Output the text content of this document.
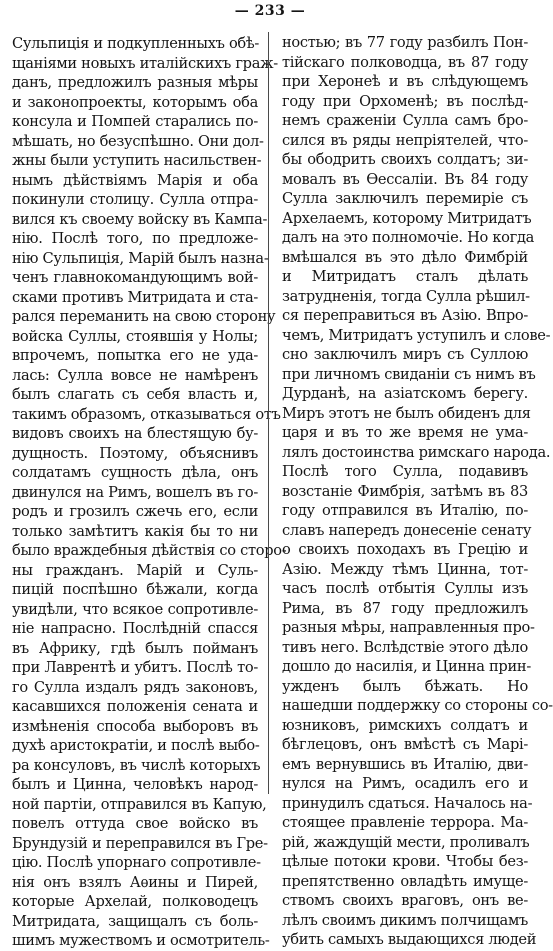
— 233 —
Сульпиція и подкупленныхъ обѣ-
щаніями новыхъ италійскихъ граж-
данъ, предложилъ разныя мѣры
и законопроекты, которымъ оба
консула и Помпей старались по-
мѣшать, но безуспѣшно. Они дол-
жны были уступить насильствен-
нымъ дѣйствіямъ Марія и оба
покинули столицу. Сулла отпра-
вился къ своему войску въ Кампа-
нію. Послѣ того, по предложе-
нію Сульпиція, Марій былъ назна-
ченъ главнокомандующимъ вой-
сками противъ Митридата и ста-
рался переманить на свою сторону
войска Суллы, стоявшія у Нолы;
впрочемъ, попытка его не уда-
лась: Сулла вовсе не намѣренъ
былъ слагать съ себя власть и,
такимъ образомъ, отказываться отъ
видовъ своихъ на блестящую бу-
дущность. Поэтому, объяснивъ
солдатамъ сущность дѣла, онъ
двинулся на Римъ, вошелъ въ го-
родъ и грозилъ сжечь его, если
только замѣтитъ какія бы то ни
было враждебныя дѣйствія со сторо-
ны гражданъ. Марій и Суль-
пицій поспѣшно бѣжали, когда
увидѣли, что всякое сопротивле-
ніе напрасно. Послѣдній спасся
въ Африку, гдѣ былъ пойманъ
при Лаврентѣ и убитъ. Послѣ то-
го Сулла издалъ рядъ законовъ,
касавшихся положенія сената и
измѣненія способа выборовъ въ
духѣ аристократіи, и послѣ выбо-
ра консуловъ, въ числѣ которыхъ
былъ и Цинна, человѣкъ народ-
ной партіи, отправился въ Капую,
повелъ оттуда свое войско въ
Брундузій и переправился въ Гре-
цію. Послѣ упорнаго сопротивле-
нія онъ взялъ Аѳины и Пирей,
которые Архелай, полководецъ
Митридата, защищалъ съ боль-
шимъ мужествомъ и осмотритель-
ностью; въ 77 году разбилъ Пон-
тійскаго полководца, въ 87 году
при Херонеѣ и въ слѣдующемъ
году при Орхоменѣ; въ послѣд-
немъ сраженіи Сулла самъ бро-
сился въ ряды непріятелей, что-
бы ободрить своихъ солдатъ; зи-
мовалъ въ Ѳессаліи. Въ 84 году
Сулла заключилъ перемиріе съ
Архелаемъ, которому Митридатъ
далъ на это полномочіе. Но когда
вмѣшался въ это дѣло Фимбрій
и Митридатъ сталъ дѣлать
затрудненія, тогда Сулла рѣшил-
ся переправиться въ Азію. Впро-
чемъ, Митридатъ уступилъ и слове-
сно заключилъ миръ съ Суллою
при личномъ свиданіи съ нимъ въ
Дурданѣ, на азіатскомъ берегу.
Миръ этотъ не былъ обиденъ для
царя и въ то же время не ума-
лялъ достоинства римскаго народа.
Послѣ того Сулла, подавивъ
возстаніе Фимбрія, затѣмъ въ 83
году отправился въ Италію, по-
славъ напередъ донесеніе сенату
о своихъ походахъ въ Грецію и
Азію. Между тѣмъ Цинна, тот-
часъ послѣ отбытія Суллы изъ
Рима, въ 87 году предложилъ
разныя мѣры, направленныя про-
тивъ него. Вслѣдствіе этого дѣло
дошло до насилія, и Цинна прин-
ужденъ былъ бѣжать. Но
нашедши поддержку со стороны со-
юзниковъ, римскихъ солдатъ и
бѣглецовъ, онъ вмѣстѣ съ Марі-
емъ вернувшись въ Италію, дви-
нулся на Римъ, осадилъ его и
принудилъ сдаться. Началось на-
стоящее правленіе террора. Ма-
рій, жаждущій мести, проливалъ
цѣлые потоки крови. Чтобы без-
препятственно овладѣть имуще-
ствомъ своихъ враговъ, онъ ве-
лѣлъ своимъ дикимъ полчищамъ
убить самыхъ выдающихся людей
